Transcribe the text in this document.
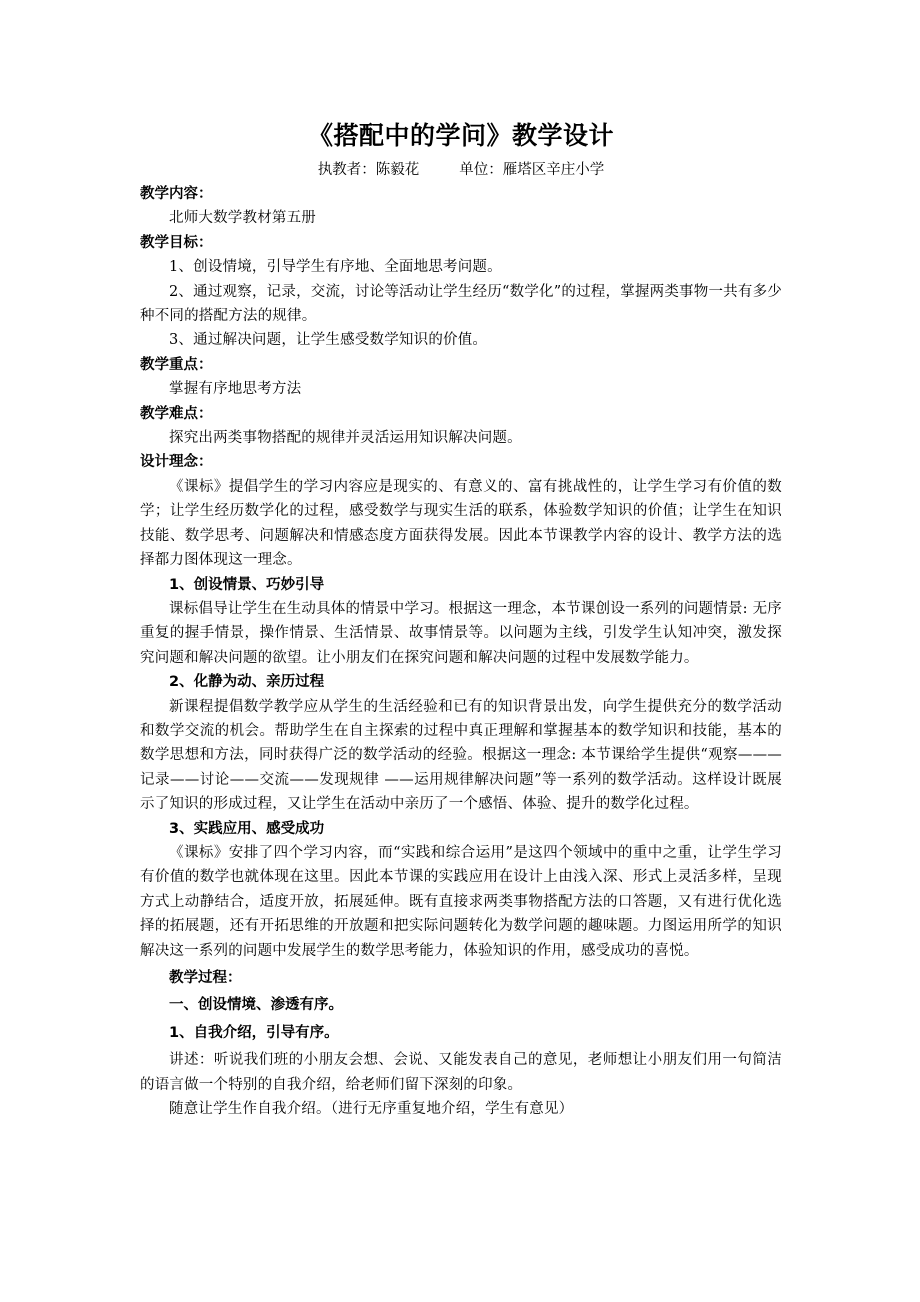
《搭配中的学问》教学设计
执教者：陈毅花	单位：雁塔区辛庄小学
教学内容：
北师大数学教材第五册
教学目标：
1、创设情境，引导学生有序地、全面地思考问题。
2、通过观察，记录，交流，讨论等活动让学生经历“数学化”的过程，掌握两类事物一共有多少种不同的搭配方法的规律。
3、通过解决问题，让学生感受数学知识的价值。
教学重点：
掌握有序地思考方法
教学难点：
探究出两类事物搭配的规律并灵活运用知识解决问题。
设计理念：
《课标》提倡学生的学习内容应是现实的、有意义的、富有挑战性的，让学生学习有价值的数学；让学生经历数学化的过程，感受数学与现实生活的联系，体验数学知识的价值；让学生在知识技能、数学思考、问题解决和情感态度方面获得发展。因此本节课教学内容的设计、教学方法的选择都力图体现这一理念。
1、创设情景、巧妙引导
课标倡导让学生在生动具体的情景中学习。根据这一理念，本节课创设一系列的问题情景: 无序重复的握手情景，操作情景、生活情景、故事情景等。以问题为主线，引发学生认知冲突，激发探究问题和解决问题的欲望。让小朋友们在探究问题和解决问题的过程中发展数学能力。
2、化静为动、亲历过程
新课程提倡数学教学应从学生的生活经验和已有的知识背景出发，向学生提供充分的数学活动和数学交流的机会。帮助学生在自主探索的过程中真正理解和掌握基本的数学知识和技能，基本的数学思想和方法，同时获得广泛的数学活动的经验。根据这一理念: 本节课给学生提供“观察———记录——讨论——交流——发现规律 ——运用规律解决问题”等一系列的数学活动。这样设计既展示了知识的形成过程，又让学生在活动中亲历了一个感悟、体验、提升的数学化过程。
3、实践应用、感受成功
《课标》安排了四个学习内容，而“实践和综合运用”是这四个领域中的重中之重，让学生学习有价值的数学也就体现在这里。因此本节课的实践应用在设计上由浅入深、形式上灵活多样，呈现方式上动静结合，适度开放，拓展延伸。既有直接求两类事物搭配方法的口答题，又有进行优化选择的拓展题，还有开拓思维的开放题和把实际问题转化为数学问题的趣味题。力图运用所学的知识解决这一系列的问题中发展学生的数学思考能力，体验知识的作用，感受成功的喜悦。
教学过程：
一、创设情境、渗透有序。
1、自我介绍，引导有序。
讲述：听说我们班的小朋友会想、会说、又能发表自己的意见，老师想让小朋友们用一句简洁的语言做一个特别的自我介绍，给老师们留下深刻的印象。
随意让学生作自我介绍。（进行无序重复地介绍，学生有意见）
